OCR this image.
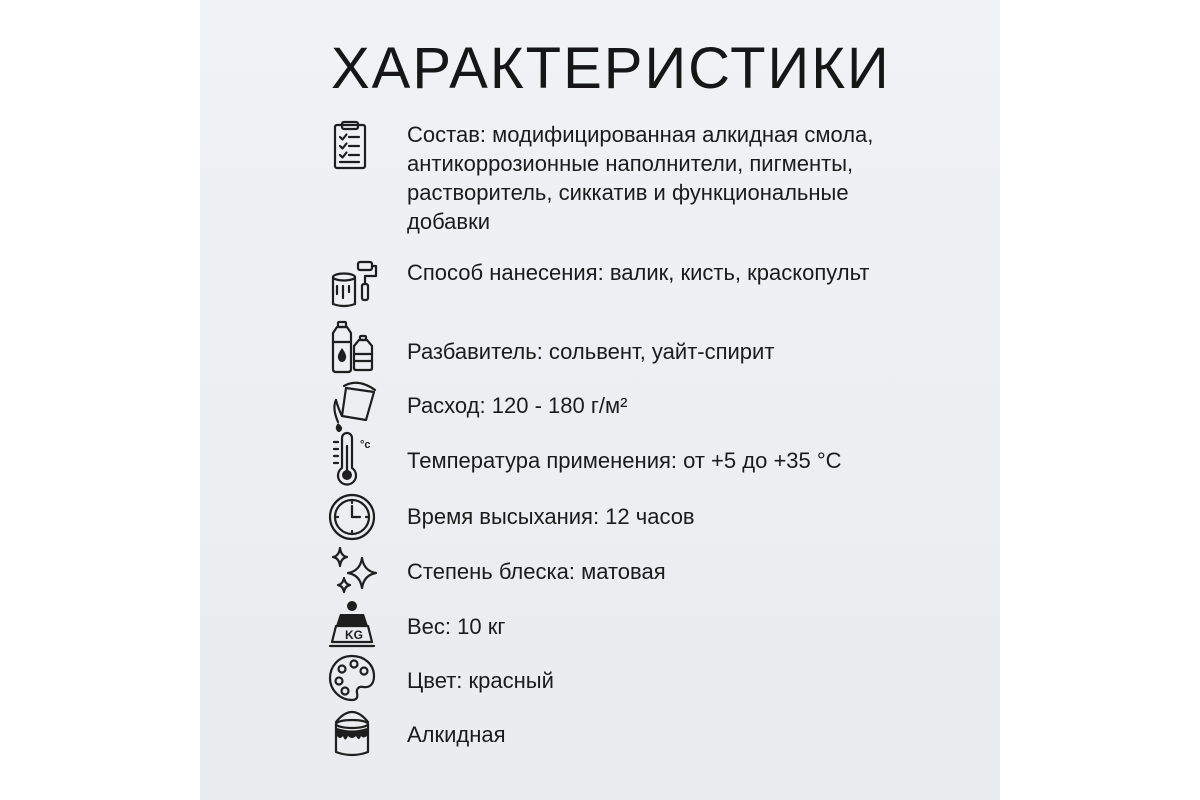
ХАРАКТЕРИСТИКИ
Состав: модифицированная алкидная смола, антикоррозионные наполнители, пигменты, растворитель, сиккатив и функциональные добавки
Способ нанесения: валик, кисть, краскопульт
Разбавитель: сольвент, уайт-спирит
Расход: 120 - 180 г/м²
°c
Температура применения: от +5 до +35 °C
Время высыхания: 12 часов
Степень блеска: матовая
KG Вес: 10 кг
Цвет: красный
Алкидная
